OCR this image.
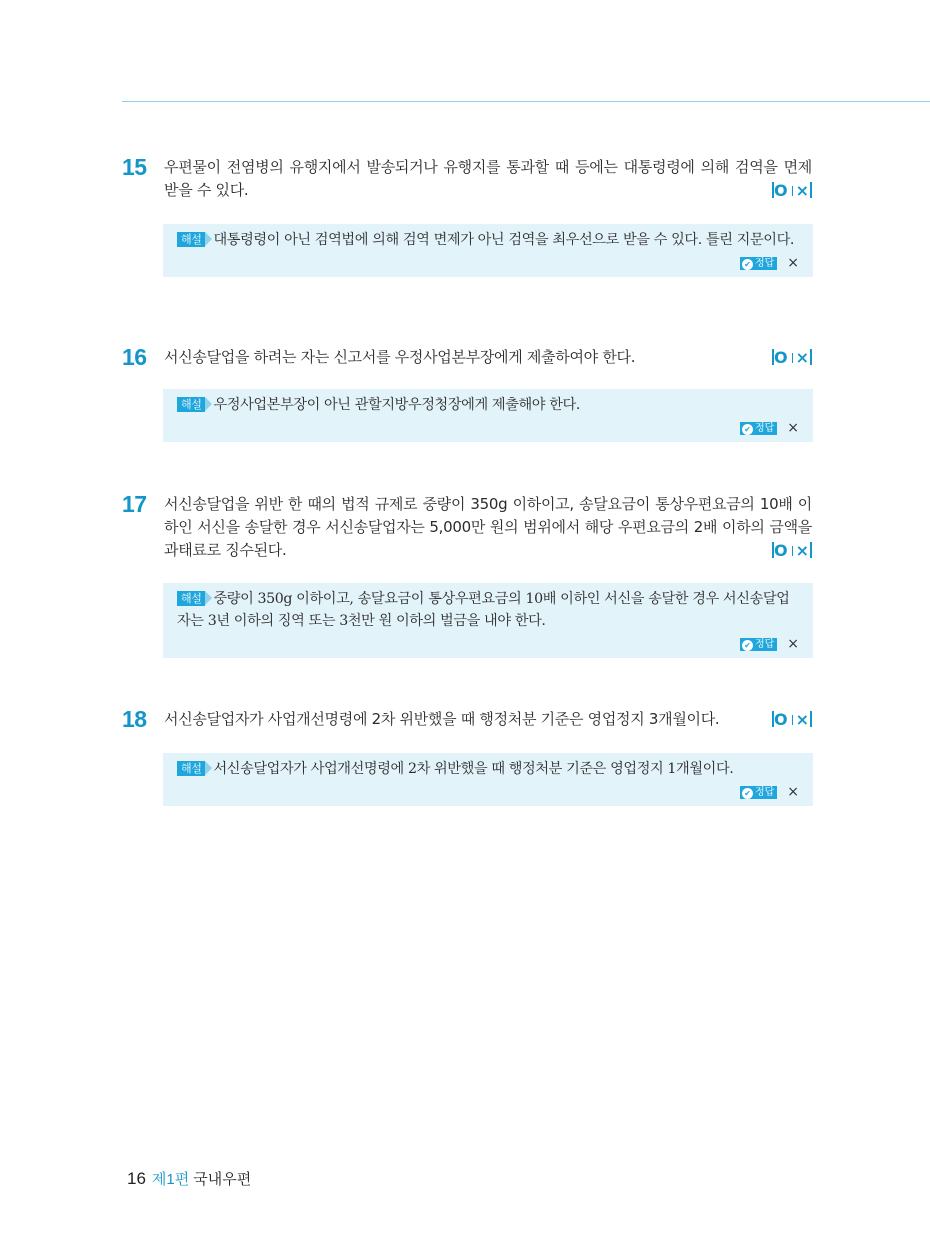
15 우편물이 전염병의 유행지에서 발송되거나 유행지를 통과할 때 등에는 대통령령에 의해 검역을 면제 받을 수 있다.	O ×
해설 대통령령이 아닌 검역법에 의해 검역 면제가 아닌 검역을 최우선으로 받을 수 있다. 틀린 지문이다.
✔ 정답 ×
16 서신송달업을 하려는 자는 신고서를 우정사업본부장에게 제출하여야 한다.	O ×
해설 우정사업본부장이 아닌 관할지방우정청장에게 제출해야 한다.
✔ 정답 ×
17 서신송달업을 위반 한 때의 법적 규제로 중량이 350g 이하이고, 송달요금이 통상우편요금의 10배 이하인 서신을 송달한 경우 서신송달업자는 5,000만 원의 범위에서 해당 우편요금의 2배 이하의 금액을 과태료로 징수된다.	O ×
해설 중량이 350g 이하이고, 송달요금이 통상우편요금의 10배 이하인 서신을 송달한 경우 서신송달업자는 3년 이하의 징역 또는 3천만 원 이하의 벌금을 내야 한다.
✔ 정답 ×
18 서신송달업자가 사업개선명령에 2차 위반했을 때 행정처분 기준은 영업정지 3개월이다.	O ×
해설 서신송달업자가 사업개선명령에 2차 위반했을 때 행정처분 기준은 영업정지 1개월이다.
✔ 정답 ×
16 제1편 국내우편
